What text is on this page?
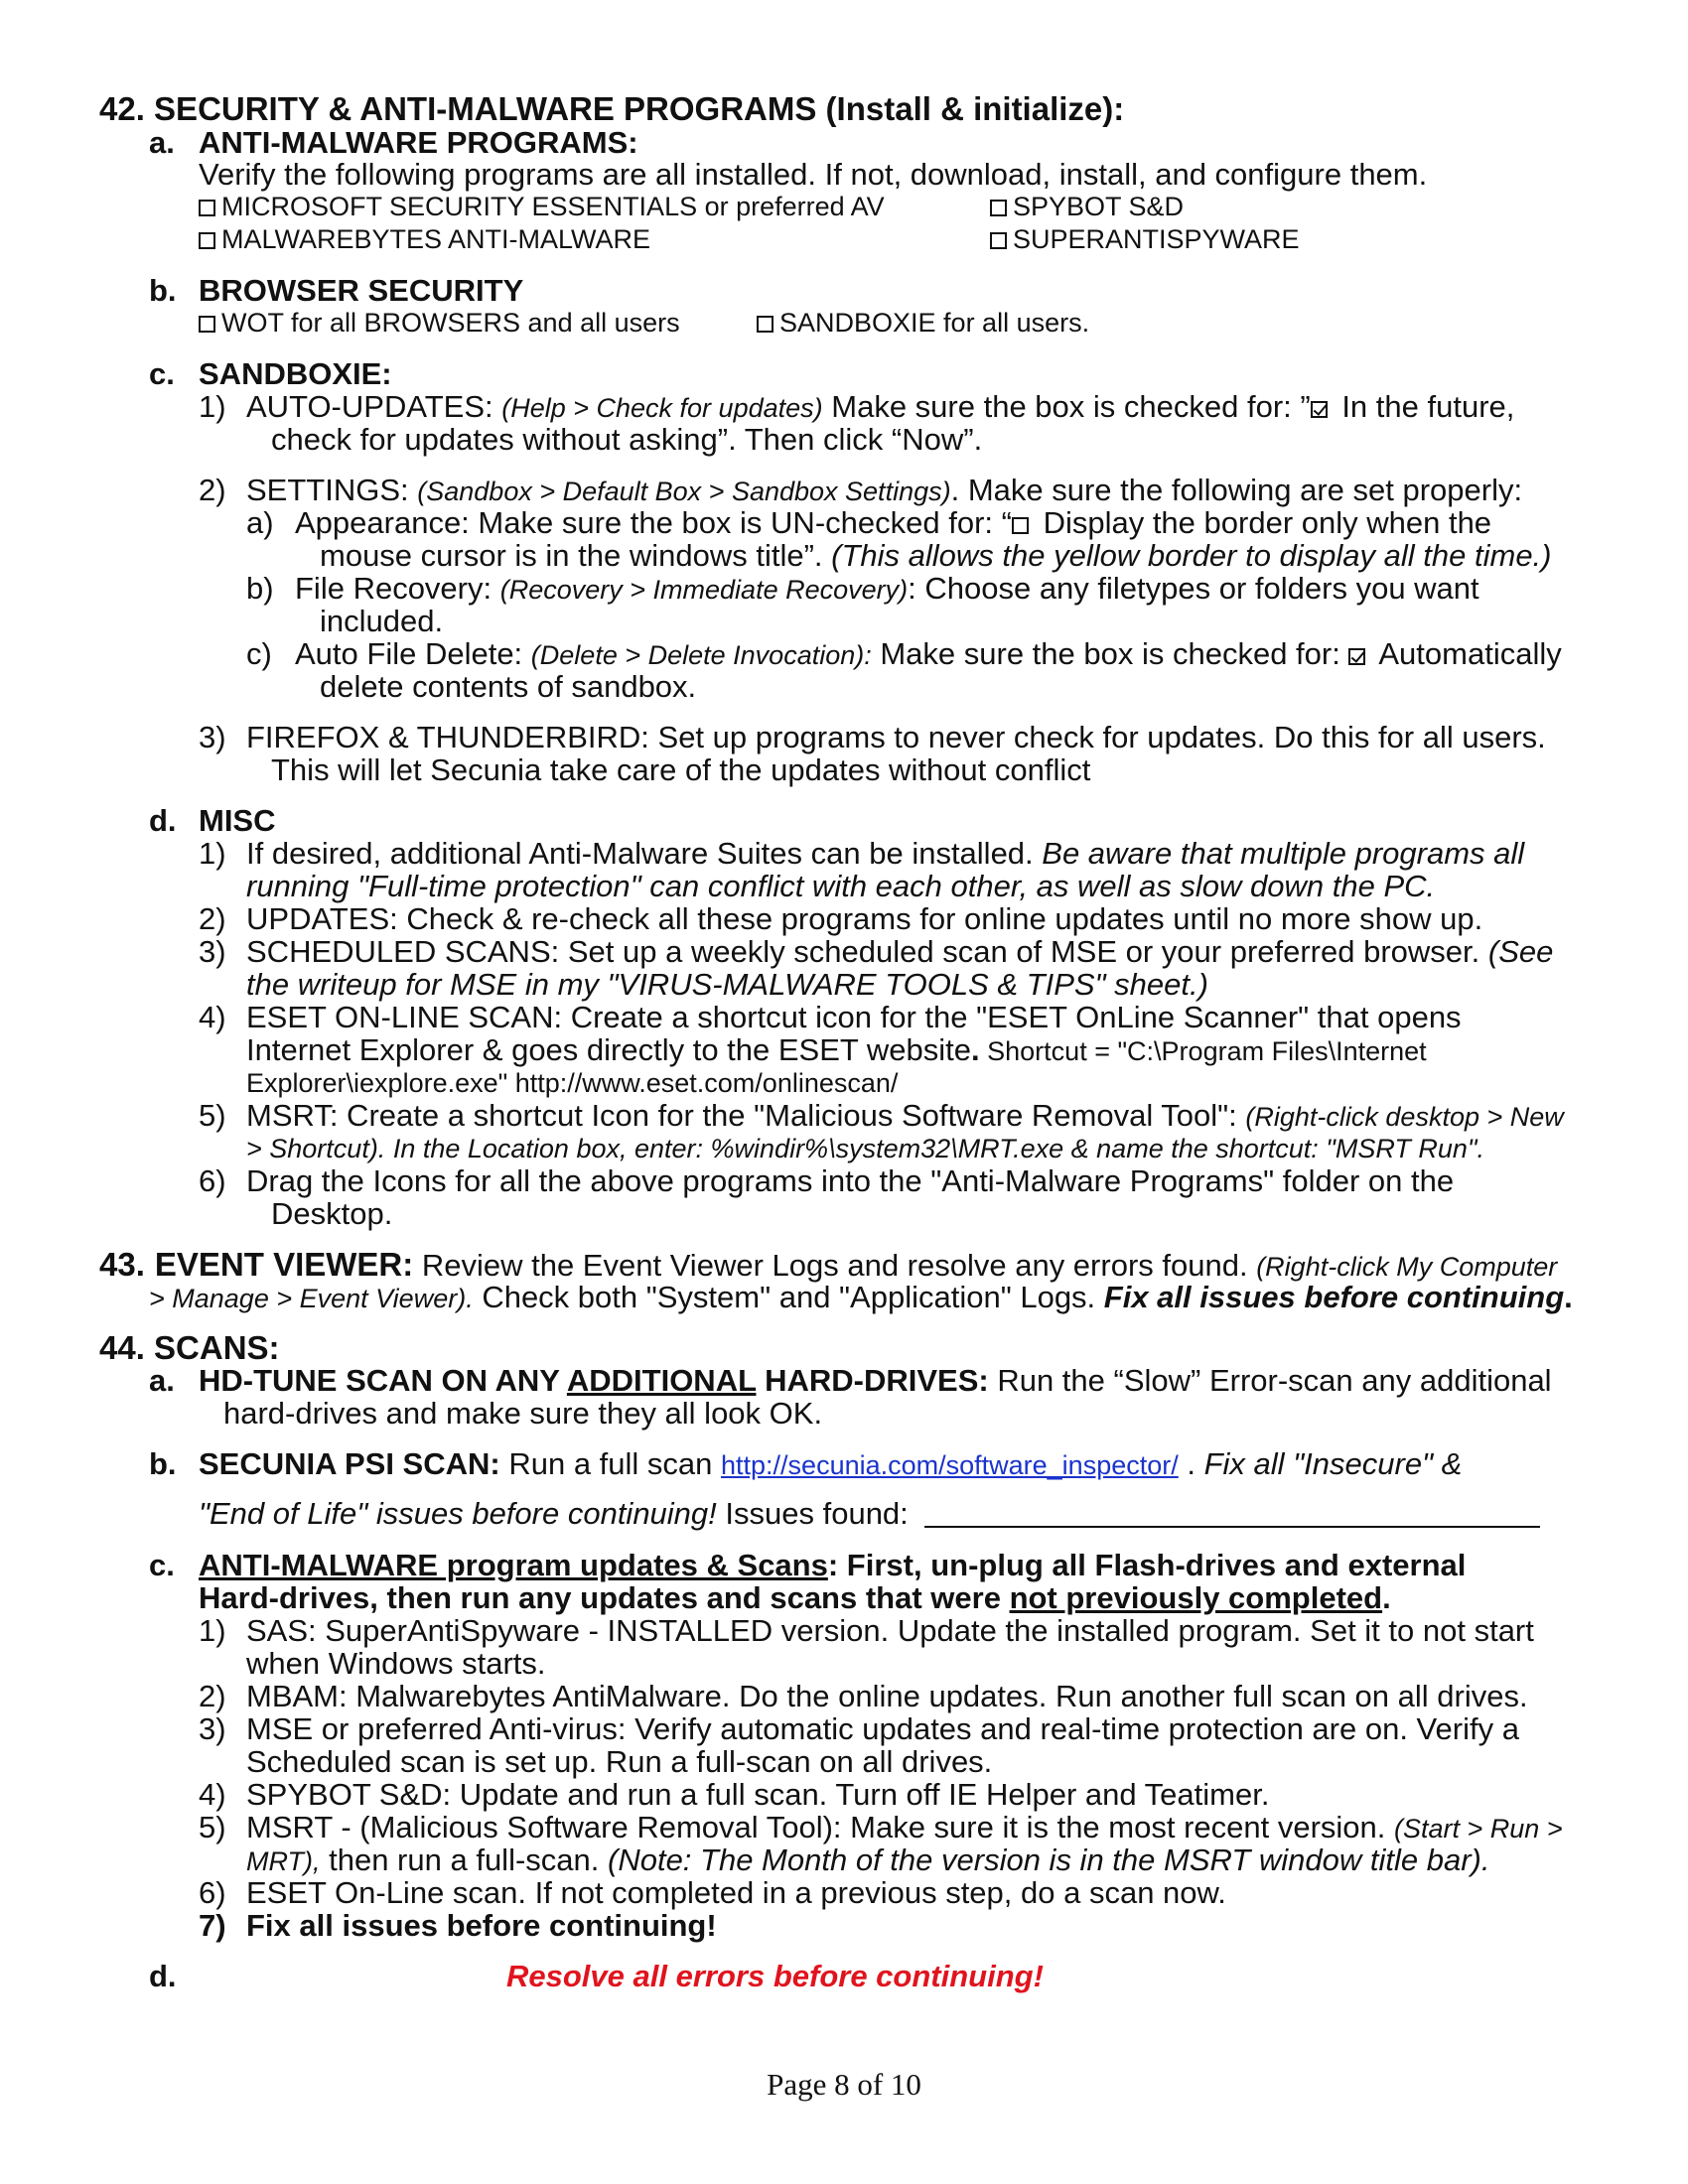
42. SECURITY & ANTI-MALWARE PROGRAMS (Install & initialize):
a. ANTI-MALWARE PROGRAMS:
Verify the following programs are all installed. If not, download, install, and configure them.
MICROSOFT SECURITY ESSENTIALS or preferred AV	SPYBOT S&D
MALWAREBYTES ANTI-MALWARE	SUPERANTISPYWARE
b. BROWSER SECURITY
WOT for all BROWSERS and all users	SANDBOXIE for all users.
c. SANDBOXIE:
1) AUTO-UPDATES: (Help > Check for updates) Make sure the box is checked for: ” In the future,
check for updates without asking”. Then click “Now”.
2) SETTINGS: (Sandbox > Default Box > Sandbox Settings). Make sure the following are set properly:
a) Appearance: Make sure the box is UN-checked for: “ Display the border only when the
mouse cursor is in the windows title”. (This allows the yellow border to display all the time.)
b) File Recovery: (Recovery > Immediate Recovery): Choose any filetypes or folders you want
included.
c) Auto File Delete: (Delete > Delete Invocation): Make sure the box is checked for:  Automatically
delete contents of sandbox.
3) FIREFOX & THUNDERBIRD: Set up programs to never check for updates. Do this for all users.
This will let Secunia take care of the updates without conflict
d. MISC
1) If desired, additional Anti-Malware Suites can be installed. Be aware that multiple programs all
running "Full-time protection" can conflict with each other, as well as slow down the PC.
2) UPDATES: Check & re-check all these programs for online updates until no more show up.
3) SCHEDULED SCANS: Set up a weekly scheduled scan of MSE or your preferred browser. (See
the writeup for MSE in my "VIRUS-MALWARE TOOLS & TIPS" sheet.)
4) ESET ON-LINE SCAN: Create a shortcut icon for the "ESET OnLine Scanner" that opens
Internet Explorer & goes directly to the ESET website. Shortcut = "C:\Program Files\Internet
Explorer\iexplore.exe" http://www.eset.com/onlinescan/
5) MSRT: Create a shortcut Icon for the "Malicious Software Removal Tool": (Right-click desktop > New
> Shortcut). In the Location box, enter: %windir%\system32\MRT.exe & name the shortcut: "MSRT Run".
6) Drag the Icons for all the above programs into the "Anti-Malware Programs" folder on the
Desktop.
43. EVENT VIEWER: Review the Event Viewer Logs and resolve any errors found. (Right-click My Computer
> Manage > Event Viewer). Check both "System" and "Application" Logs. Fix all issues before continuing.
44. SCANS:
a. HD-TUNE SCAN ON ANY ADDITIONAL HARD-DRIVES: Run the “Slow” Error-scan any additional
hard-drives and make sure they all look OK.
b. SECUNIA PSI SCAN: Run a full scan http://secunia.com/software_inspector/ . Fix all "Insecure" &
"End of Life" issues before continuing! Issues found:
c. ANTI-MALWARE program updates & Scans: First, un-plug all Flash-drives and external
Hard-drives, then run any updates and scans that were not previously completed.
1) SAS: SuperAntiSpyware - INSTALLED version. Update the installed program. Set it to not start
when Windows starts.
2) MBAM: Malwarebytes AntiMalware. Do the online updates. Run another full scan on all drives.
3) MSE or preferred Anti-virus: Verify automatic updates and real-time protection are on. Verify a
Scheduled scan is set up. Run a full-scan on all drives.
4) SPYBOT S&D: Update and run a full scan. Turn off IE Helper and Teatimer.
5) MSRT - (Malicious Software Removal Tool): Make sure it is the most recent version. (Start > Run >
MRT), then run a full-scan. (Note: The Month of the version is in the MSRT window title bar).
6) ESET On-Line scan. If not completed in a previous step, do a scan now.
7) Fix all issues before continuing!
d.	Resolve all errors before continuing!
Page 8 of 10
